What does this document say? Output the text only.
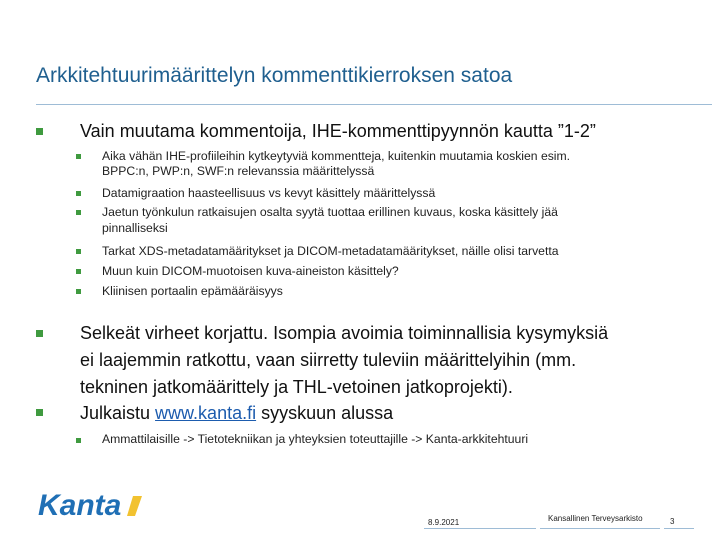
Arkkitehtuurimäärittelyn kommenttikierroksen satoa
Vain muutama kommentoija, IHE-kommenttipyynnön kautta ”1-2”
Aika vähän IHE-profiileihin kytkeytyviä kommentteja, kuitenkin muutamia koskien esim.
BPPC:n, PWP:n, SWF:n relevanssia määrittelyssä
Datamigraation haasteellisuus vs kevyt käsittely määrittelyssä
Jaetun työnkulun ratkaisujen osalta syytä tuottaa erillinen kuvaus, koska käsittely jää
pinnalliseksi
Tarkat XDS-metadatamääritykset ja DICOM-metadatamääritykset, näille olisi tarvetta
Muun kuin DICOM-muotoisen kuva-aineiston käsittely?
Kliinisen portaalin epämääräisyys
Selkeät virheet korjattu. Isompia avoimia toiminnallisia kysymyksiä
ei laajemmin ratkottu, vaan siirretty tuleviin määrittelyihin (mm.
tekninen jatkomäärittely ja THL-vetoinen jatkoprojekti).
Julkaistu www.kanta.fi syyskuun alussa
Ammattilaisille -> Tietotekniikan ja yhteyksien toteuttajille -> Kanta-arkkitehtuuri
Kanta
8.9.2021	Kansallinen Terveysarkisto	3
